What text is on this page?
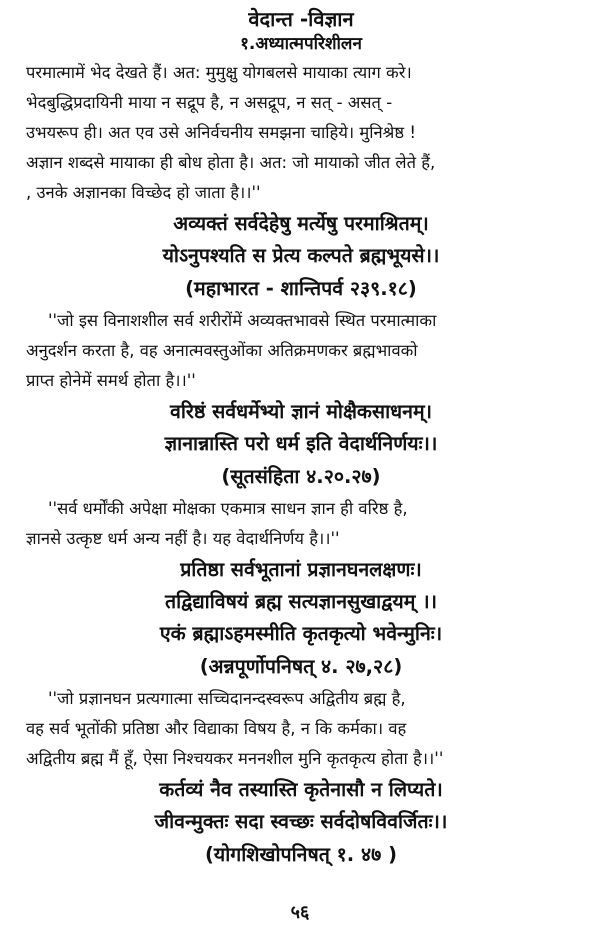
वेदान्त -विज्ञान
१.अध्यात्मपरिशीलन
परमात्मामें भेद देखते हैं। अत: मुमुक्षु योगबलसे मायाका त्याग करे।
भेदबुद्धिप्रदायिनी माया न सद्रूप है, न असद्रूप, न सत् - असत् -
उभयरूप ही। अत एव उसे अनिर्वचनीय समझना चाहिये। मुनिश्रेष्ठ !
अज्ञान शब्दसे मायाका ही बोध होता है। अत: जो मायाको जीत लेते हैं,
, उनके अज्ञानका विच्छेद हो जाता है।।''
अव्यक्तं सर्वदेहेषु मर्त्येषु परमाश्रितम्।
योऽनुपश्यति स प्रेत्य कल्पते ब्रह्मभूयसे।।
(महाभारत - शान्तिपर्व २३९.१८)
''जो इस विनाशशील सर्व शरीरोंमें अव्यक्तभावसे स्थित परमात्माका
अनुदर्शन करता है, वह अनात्मवस्तुओंका अतिक्रमणकर ब्रह्मभावको
प्राप्त होनेमें समर्थ होता है।।''
वरिष्ठं सर्वधर्मेभ्यो ज्ञानं मोक्षैकसाधनम्।
ज्ञानान्नास्ति परो धर्म इति वेदार्थनिर्णयः।।
(सूतसंहिता ४.२०.२७)
''सर्व धर्मोंकी अपेक्षा मोक्षका एकमात्र साधन ज्ञान ही वरिष्ठ है,
ज्ञानसे उत्कृष्ट धर्म अन्य नहीं है। यह वेदार्थनिर्णय है।।''
प्रतिष्ठा सर्वभूतानां प्रज्ञानघनलक्षणः।
तद्विद्याविषयं ब्रह्म सत्यज्ञानसुखाद्वयम् ।।
एकं ब्रह्माऽहमस्मीति कृतकृत्यो भवेन्मुनिः।
(अन्नपूर्णोपनिषत् ४. २७,२८)
''जो प्रज्ञानघन प्रत्यगात्मा सच्चिदानन्दस्वरूप अद्वितीय ब्रह्म है,
वह सर्व भूतोंकी प्रतिष्ठा और विद्याका विषय है, न कि कर्मका। वह
अद्वितीय ब्रह्म मैं हूँ, ऐसा निश्चयकर मननशील मुनि कृतकृत्य होता है।।''
कर्तव्यं नैव तस्यास्ति कृतेनासौ न लिप्यते।
जीवन्मुक्तः सदा स्वच्छः सर्वदोषविवर्जितः।।
(योगशिखोपनिषत् १. ४७ )
५६
